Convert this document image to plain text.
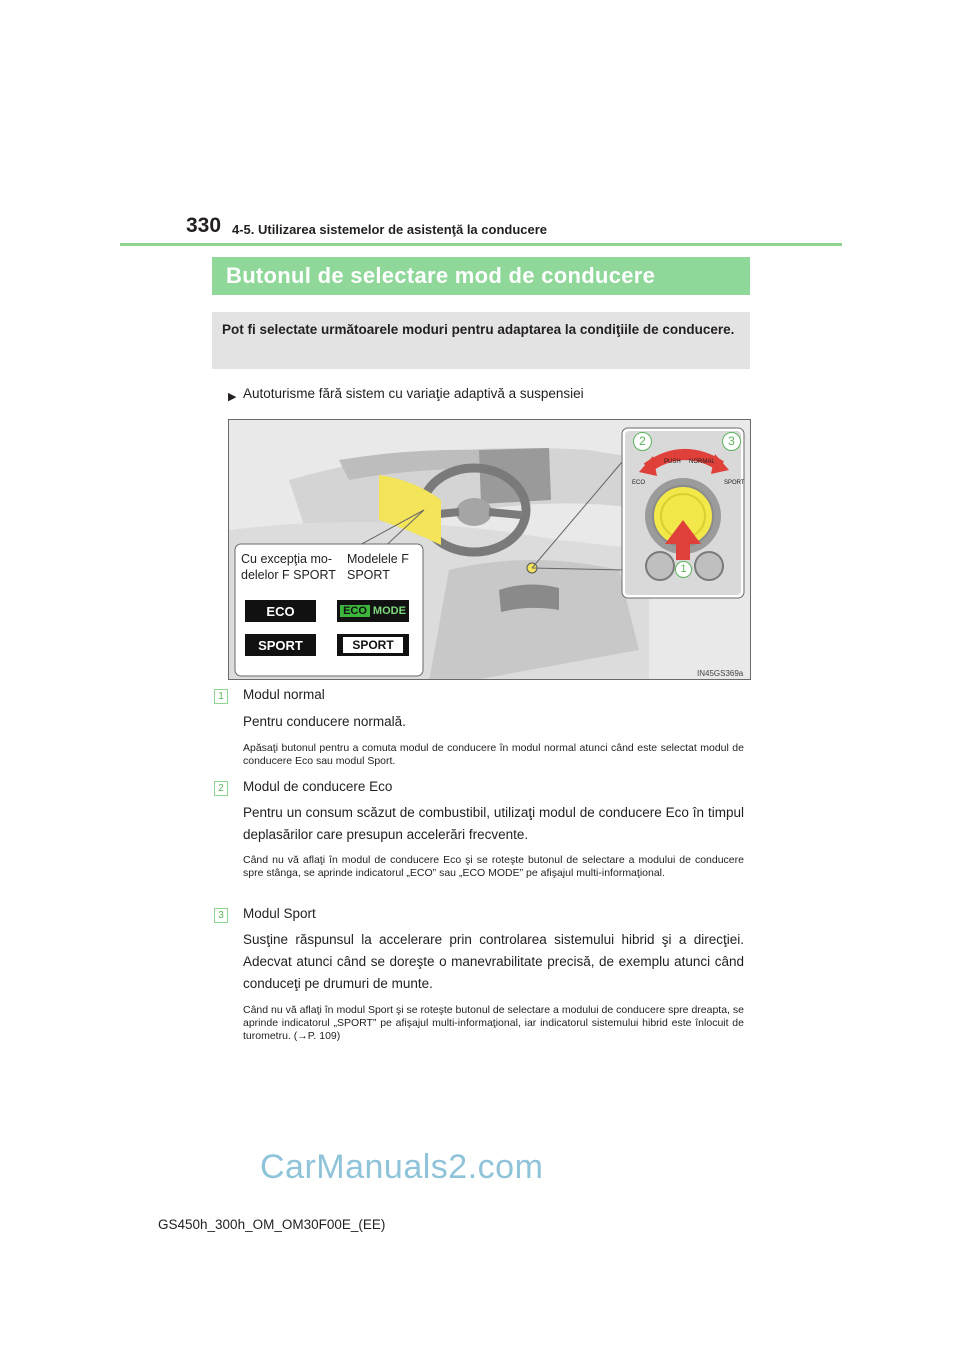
330 4-5. Utilizarea sistemelor de asistenţă la conducere
Butonul de selectare mod de conducere
Pot fi selectate următoarele moduri pentru adaptarea la condiţiile de conducere.
▶ Autoturisme fără sistem cu variaţie adaptivă a suspensiei
PUSH NORMAL
ECO	SPORT
2	3
1
Cu excepţia mo-delelor F SPORT
Modelele F SPORT
ECO	ECO MODE
SPORT	SPORT
IN45GS369a
1	Modul normal
Pentru conducere normală.
Apăsaţi butonul pentru a comuta modul de conducere în modul normal atunci când este selectat modul de conducere Eco sau modul Sport.
2	Modul de conducere Eco
Pentru un consum scăzut de combustibil, utilizaţi modul de conducere Eco în timpul deplasărilor care presupun accelerări frecvente.
Când nu vă aflaţi în modul de conducere Eco şi se roteşte butonul de selectare a modului de conducere spre stânga, se aprinde indicatorul „ECO” sau „ECO MODE” pe afişajul multi-informaţional.
3	Modul Sport
Susţine răspunsul la accelerare prin controlarea sistemului hibrid şi a direcţiei. Adecvat atunci când se doreşte o manevrabilitate precisă, de exemplu atunci când conduceţi pe drumuri de munte.
Când nu vă aflaţi în modul Sport şi se roteşte butonul de selectare a modului de conducere spre dreapta, se aprinde indicatorul „SPORT” pe afişajul multi-informaţional, iar indicatorul sistemului hibrid este înlocuit de turometru. (→P. 109)
CarManuals2.com
GS450h_300h_OM_OM30F00E_(EE)
